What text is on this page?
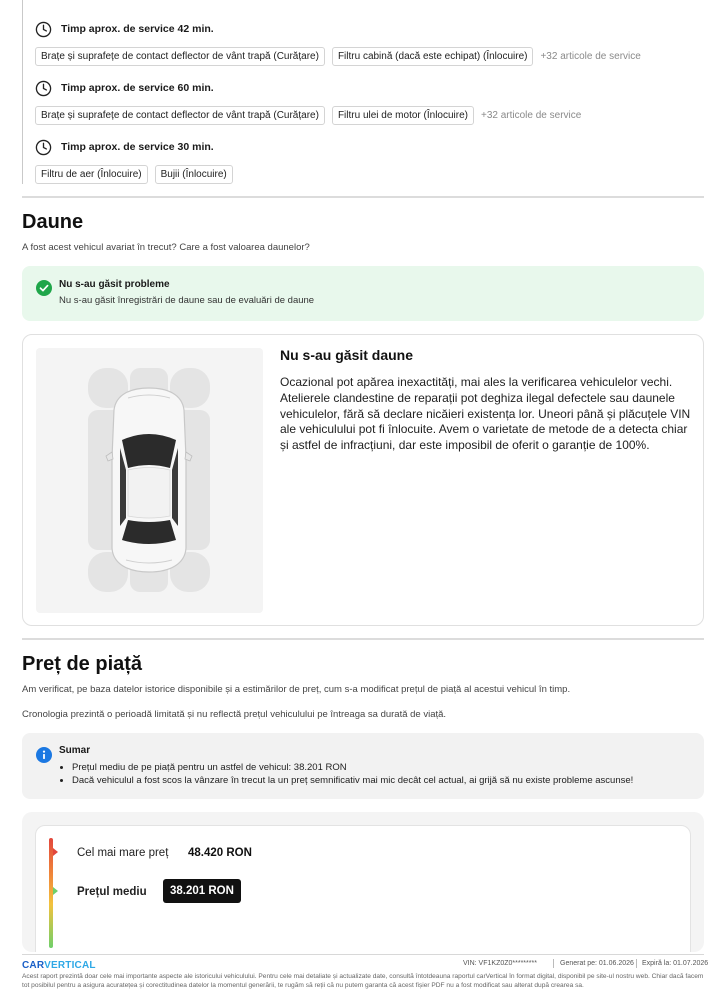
Timp aprox. de service 42 min.
Brațe și suprafețe de contact deflector de vânt trapă (Curățare)	Filtru cabină (dacă este echipat) (Înlocuire)	+32 articole de service
Timp aprox. de service 60 min.
Brațe și suprafețe de contact deflector de vânt trapă (Curățare)	Filtru ulei de motor (Înlocuire)	+32 articole de service
Timp aprox. de service 30 min.
Filtru de aer (Înlocuire)	Bujii (Înlocuire)
Daune

A fost acest vehicul avariat în trecut? Care a fost valoarea daunelor?

Nu s-au găsit probleme
Nu s-au găsit înregistrări de daune sau de evaluări de daune
Nu s-au găsit daune

Ocazional pot apărea inexactități, mai ales la verificarea vehiculelor vechi. Atelierele clandestine de reparații pot deghiza ilegal defectele sau daunele vehiculelor, fără să declare nicăieri existența lor. Uneori până și plăcuțele VIN ale vehiculului pot fi înlocuite. Avem o varietate de metode de a detecta chiar și astfel de infracțiuni, dar este imposibil de oferit o garanție de 100%.

Preț de piață

Am verificat, pe baza datelor istorice disponibile și a estimărilor de preț, cum s-a modificat prețul de piață al acestui vehicul în timp.

Cronologia prezintă o perioadă limitată și nu reflectă prețul vehiculului pe întreaga sa durată de viață.

Sumar
• Prețul mediu de pe piață pentru un astfel de vehicul: 38.201 RON
• Dacă vehiculul a fost scos la vânzare în trecut la un preț semnificativ mai mic decât cel actual, ai grijă să nu existe probleme ascunse!
Cel mai mare preț 48.420 RON
Prețul mediu	38.201 RON
CARVERTICAL	VIN: VF1KZ0Z0*********	Generat pe: 01.06.2026 Expiră la: 01.07.2026

Acest raport prezintă doar cele mai importante aspecte ale istoricului vehiculului. Pentru cele mai detaliate și actualizate date, consultă întotdeauna raportul carVertical în format digital, disponibil pe site-ul nostru web. Chiar dacă facem tot posibilul pentru a asigura acuratețea și corectitudinea datelor la momentul generării, te rugăm să reții că nu putem garanta că acest fișier PDF nu a fost modificat sau alterat după crearea sa.
